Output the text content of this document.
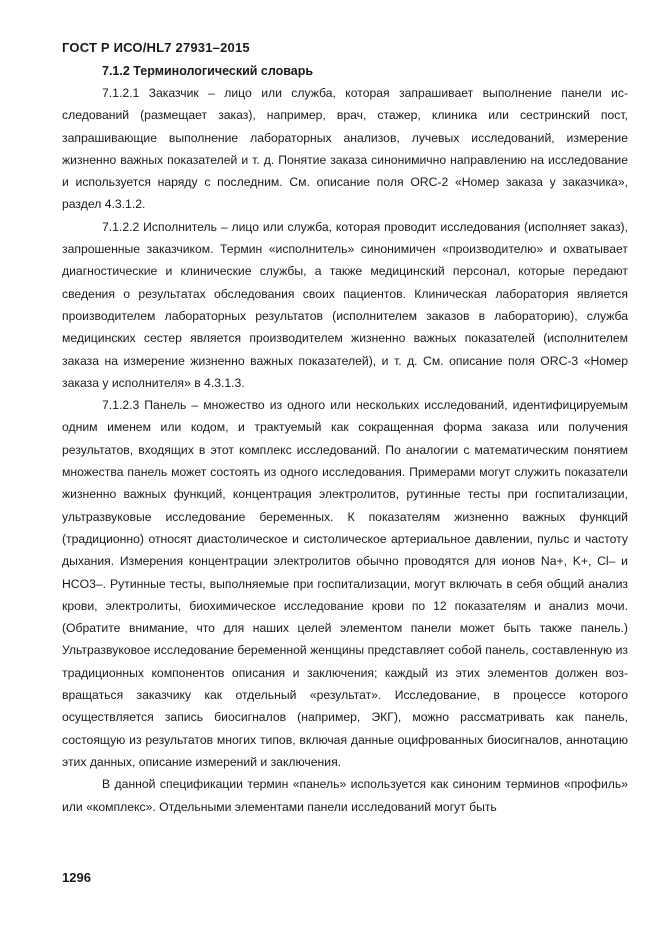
ГОСТ Р ИСО/HL7 27931–2015
7.1.2 Терминологический словарь

7.1.2.1 Заказчик – лицо или служба, которая запрашивает выполнение панели исследований (размещает заказ), например, врач, стажер, клиника или сестринский пост, запрашивающие выполнение лабораторных анализов, лучевых исследований, измерение жизненно важных показателей и т. д. Понятие заказа синонимично направлению на исследование и используется наряду с последним. См. описание поля ORC-2 «Номер заказа у заказчика», раздел 4.3.1.2.

7.1.2.2 Исполнитель – лицо или служба, которая проводит исследования (исполняет заказ), запрошенные заказчиком. Термин «исполнитель» синонимичен «производителю» и охватывает диагностические и клинические службы, а также медицинский персонал, которые передают сведения о результатах обследования своих пациентов. Клиническая лаборатория является производителем лабораторных результатов (исполнителем заказов в лабораторию), служба медицинских сестер является производителем жизненно важных показателей (исполнителем заказа на измерение жизненно важных показателей), и т. д. См. описание поля ORC-3 «Номер заказа у исполнителя» в 4.3.1.3.

7.1.2.3 Панель – множество из одного или нескольких исследований, идентифицируемым одним именем или кодом, и трактуемый как сокращенная форма заказа или получения результатов, входящих в этот комплекс исследований. По аналогии с математическим понятием множества панель может состоять из одного исследования. Примерами могут служить показатели жизненно важных функций, концентрация электролитов, рутинные тесты при госпитализации, ультразвуковые исследование беременных. К показателям жизненно важных функций (традиционно) относят диастолическое и систолическое артериальное давлении, пульс и частоту дыхания. Измерения концентрации электролитов обычно проводятся для ионов Na+, K+, Cl– и HCO3–. Рутинные тесты, выполняемые при госпитализации, могут включать в себя общий анализ крови, электролиты, биохимическое исследование крови по 12 показателям и анализ мочи. (Обратите внимание, что для наших целей элементом панели может быть также панель.) Ультразвуковое исследование беременной женщины представляет собой панель, составленную из традиционных компонентов описания и заключения; каждый из этих элементов должен возвращаться заказчику как отдельный «результат». Исследование, в процессе которого осуществляется запись биосигналов (например, ЭКГ), можно рассматривать как панель, состоящую из результатов многих типов, включая данные оцифрованных биосигналов, аннотацию этих данных, описание измерений и заключения.

В данной спецификации термин «панель» используется как синоним терминов «профиль» или «комплекс». Отдельными элементами панели исследований могут быть

1296
